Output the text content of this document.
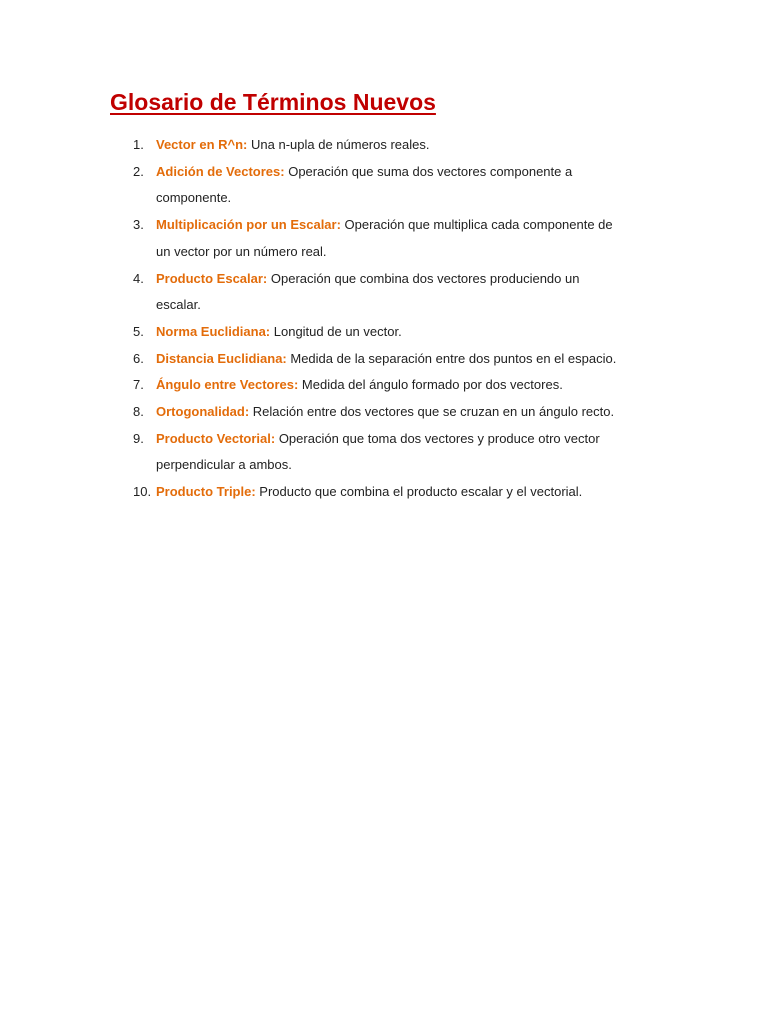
Glosario de Términos Nuevos
1. Vector en R^n: Una n-upla de números reales.
2. Adición de Vectores: Operación que suma dos vectores componente a
componente.
3. Multiplicación por un Escalar: Operación que multiplica cada componente de
un vector por un número real.
4. Producto Escalar: Operación que combina dos vectores produciendo un
escalar.
5. Norma Euclidiana: Longitud de un vector.
6. Distancia Euclidiana: Medida de la separación entre dos puntos en el espacio.
7. Ángulo entre Vectores: Medida del ángulo formado por dos vectores.
8. Ortogonalidad: Relación entre dos vectores que se cruzan en un ángulo recto.
9. Producto Vectorial: Operación que toma dos vectores y produce otro vector
perpendicular a ambos.
10. Producto Triple: Producto que combina el producto escalar y el vectorial.
